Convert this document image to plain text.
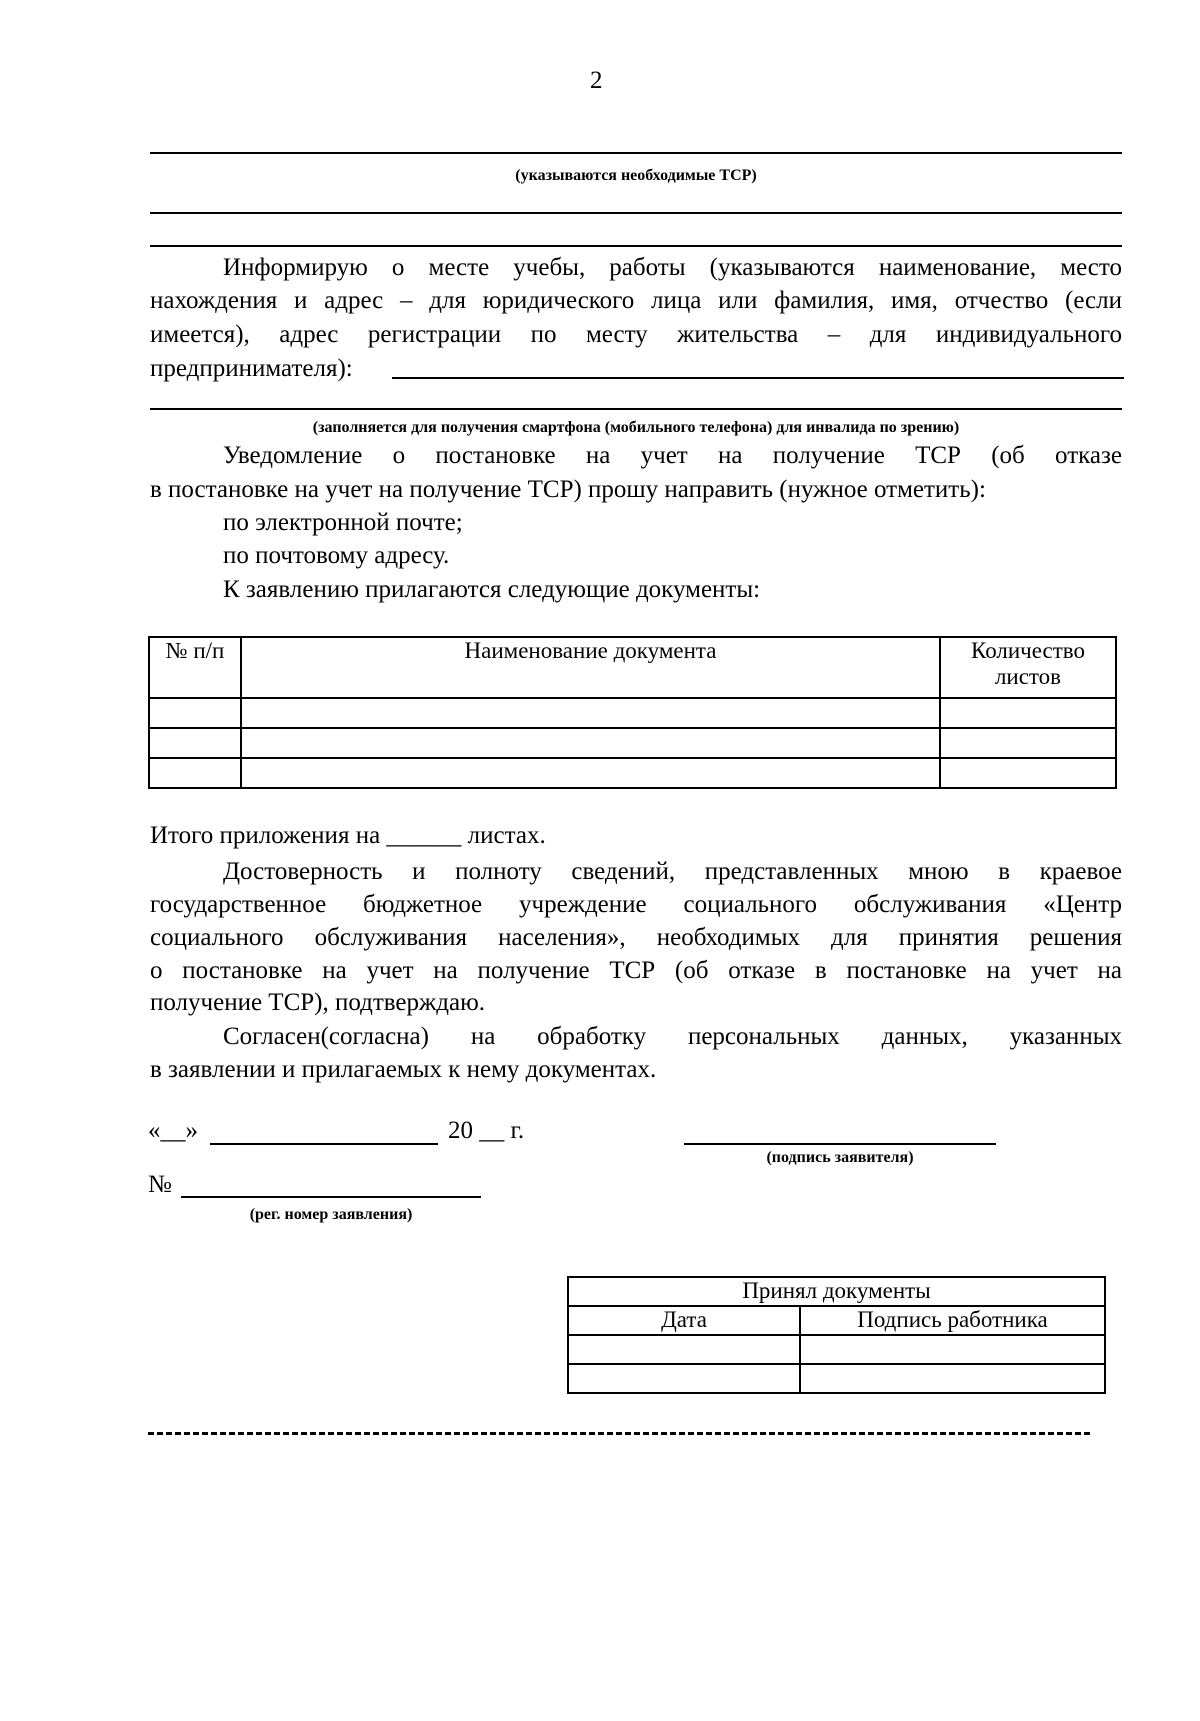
2
(указываются необходимые ТСР)
Информирую о месте учебы, работы (указываются наименование, место
нахождения и адрес – для юридического лица или фамилия, имя, отчество (если
имеется), адрес регистрации по месту жительства – для индивидуального
предпринимателя):
(заполняется для получения смартфона (мобильного телефона) для инвалида по зрению)
Уведомление о постановке на учет на получение ТСР (об отказе
в постановке на учет на получение ТСР) прошу направить (нужное отметить):
по электронной почте;
по почтовому адресу.
К заявлению прилагаются следующие документы:
№ п/п	Наименование документа	Количество листов

Итого приложения на ______ листах.
Достоверность и полноту сведений, представленных мною в краевое
государственное бюджетное учреждение социального обслуживания «Центр
социального обслуживания населения», необходимых для принятия решения
о постановке на учет на получение ТСР (об отказе в постановке на учет на
получение ТСР), подтверждаю.
Согласен(согласна) на обработку персональных данных, указанных
в заявлении и прилагаемых к нему документах.
«__»	20 __ г.
(подпись заявителя)
№
(рег. номер заявления)
Принял документы	
Дата	Подпись работника
